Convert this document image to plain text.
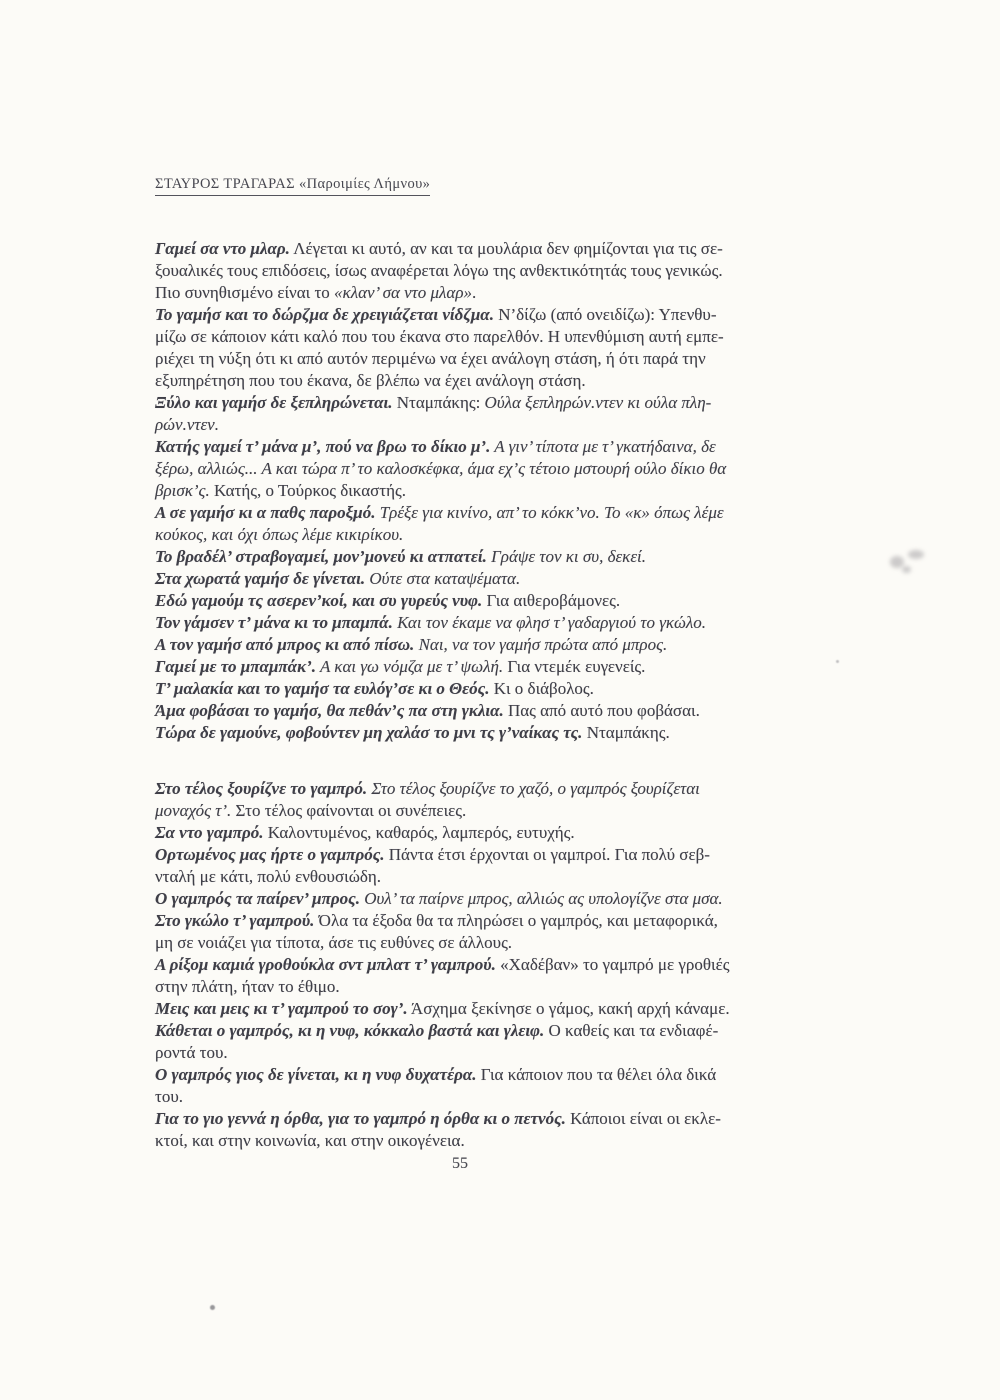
ΣΤΑΥΡΟΣ ΤΡΑΓΑΡΑΣ «Παροιμίες Λήμνου»
Γαμεί σα ντο μλαρ. Λέγεται κι αυτό, αν και τα μουλάρια δεν φημίζονται για τις σε-
ξουαλικές τους επιδόσεις, ίσως αναφέρεται λόγω της ανθεκτικότητάς τους γενικώς.
Πιο συνηθισμένο είναι το «κλαν’ σα ντο μλαρ».
Το γαμήσ και το δώρζμα δε χρειγιάζεται νίδζμα. Ν’δίζω (από ονειδίζω): Υπενθυ-
μίζω σε κάποιον κάτι καλό που του έκανα στο παρελθόν. Η υπενθύμιση αυτή εμπε-
ριέχει τη νύξη ότι κι από αυτόν περιμένω να έχει ανάλογη στάση, ή ότι παρά την
εξυπηρέτηση που του έκανα, δε βλέπω να έχει ανάλογη στάση.
Ξύλο και γαμήσ δε ξεπληρώνεται. Νταμπάκης: Ούλα ξεπληρών.ντεν κι ούλα πλη-
ρών.ντεν.
Κατής γαμεί τ’ μάνα μ’, πού να βρω το δίκιο μ’. Α γιν’ τίποτα με τ’ γκατήδαινα, δε
ξέρω, αλλιώς... Α και τώρα π’ το καλοσκέφκα, άμα εχ’ς τέτοιο μστουρή ούλο δίκιο θα
βρισκ’ς. Κατής, ο Τούρκος δικαστής.
Α σε γαμήσ κι α παθς παροξμό. Τρέξε για κινίνο, απ’ το κόκκ’νο. Το «κ» όπως λέμε
κούκος, και όχι όπως λέμε κικιρίκου.
Το βραδέλ’ στραβογαμεί, μον’μονεύ κι ατπατεί. Γράψε τον κι συ, δεκεί.
Στα χωρατά γαμήσ δε γίνεται. Ούτε στα καταψέματα.
Εδώ γαμούμ τς ασερεν’κοί, και συ γυρεύς νυφ. Για αιθεροβάμονες.
Τον γάμσεν τ’ μάνα κι το μπαμπά. Και τον έκαμε να φλησ τ’ γαδαργιού το γκώλο.
Α τον γαμήσ από μπρος κι από πίσω. Ναι, να τον γαμήσ πρώτα από μπρος.
Γαμεί με το μπαμπάκ’. Α και γω νόμζα με τ’ ψωλή. Για ντεμέκ ευγενείς.
Τ’ μαλακία και το γαμήσ τα ευλόγ’σε κι ο Θεός. Κι ο διάβολος.
Άμα φοβάσαι το γαμήσ, θα πεθάν’ς πα στη γκλια. Πας από αυτό που φοβάσαι.
Τώρα δε γαμούνε, φοβούντεν μη χαλάσ το μνι τς γ’ναίκας τς. Νταμπάκης.
Στο τέλος ξουρίζνε το γαμπρό. Στο τέλος ξουρίζνε το χαζό, ο γαμπρός ξουρίζεται
μοναχός τ’. Στο τέλος φαίνονται οι συνέπειες.
Σα ντο γαμπρό. Καλοντυμένος, καθαρός, λαμπερός, ευτυχής.
Ορτωμένος μας ήρτε ο γαμπρός. Πάντα έτσι έρχονται οι γαμπροί. Για πολύ σεβ-
νταλή με κάτι, πολύ ενθουσιώδη.
Ο γαμπρός τα παίρεν’ μπρος. Ουλ’ τα παίρνε μπρος, αλλιώς ας υπολογίζνε στα μσα.
Στο γκώλο τ’ γαμπρού. Όλα τα έξοδα θα τα πληρώσει ο γαμπρός, και μεταφορικά,
μη σε νοιάζει για τίποτα, άσε τις ευθύνες σε άλλους.
Α ρίξομ καμιά γροθούκλα σντ μπλατ τ’ γαμπρού. «Χαδέβαν» το γαμπρό με γροθιές
στην πλάτη, ήταν το έθιμο.
Μεις και μεις κι τ’ γαμπρού το σογ’. Άσχημα ξεκίνησε ο γάμος, κακή αρχή κάναμε.
Κάθεται ο γαμπρός, κι η νυφ, κόκκαλο βαστά και γλειφ. Ο καθείς και τα ενδιαφέ-
ροντά του.
Ο γαμπρός γιος δε γίνεται, κι η νυφ δυχατέρα. Για κάποιον που τα θέλει όλα δικά
του.
Για το γιο γεννά η όρθα, για το γαμπρό η όρθα κι ο πετνός. Κάποιοι είναι οι εκλε-
κτοί, και στην κοινωνία, και στην οικογένεια.
55
